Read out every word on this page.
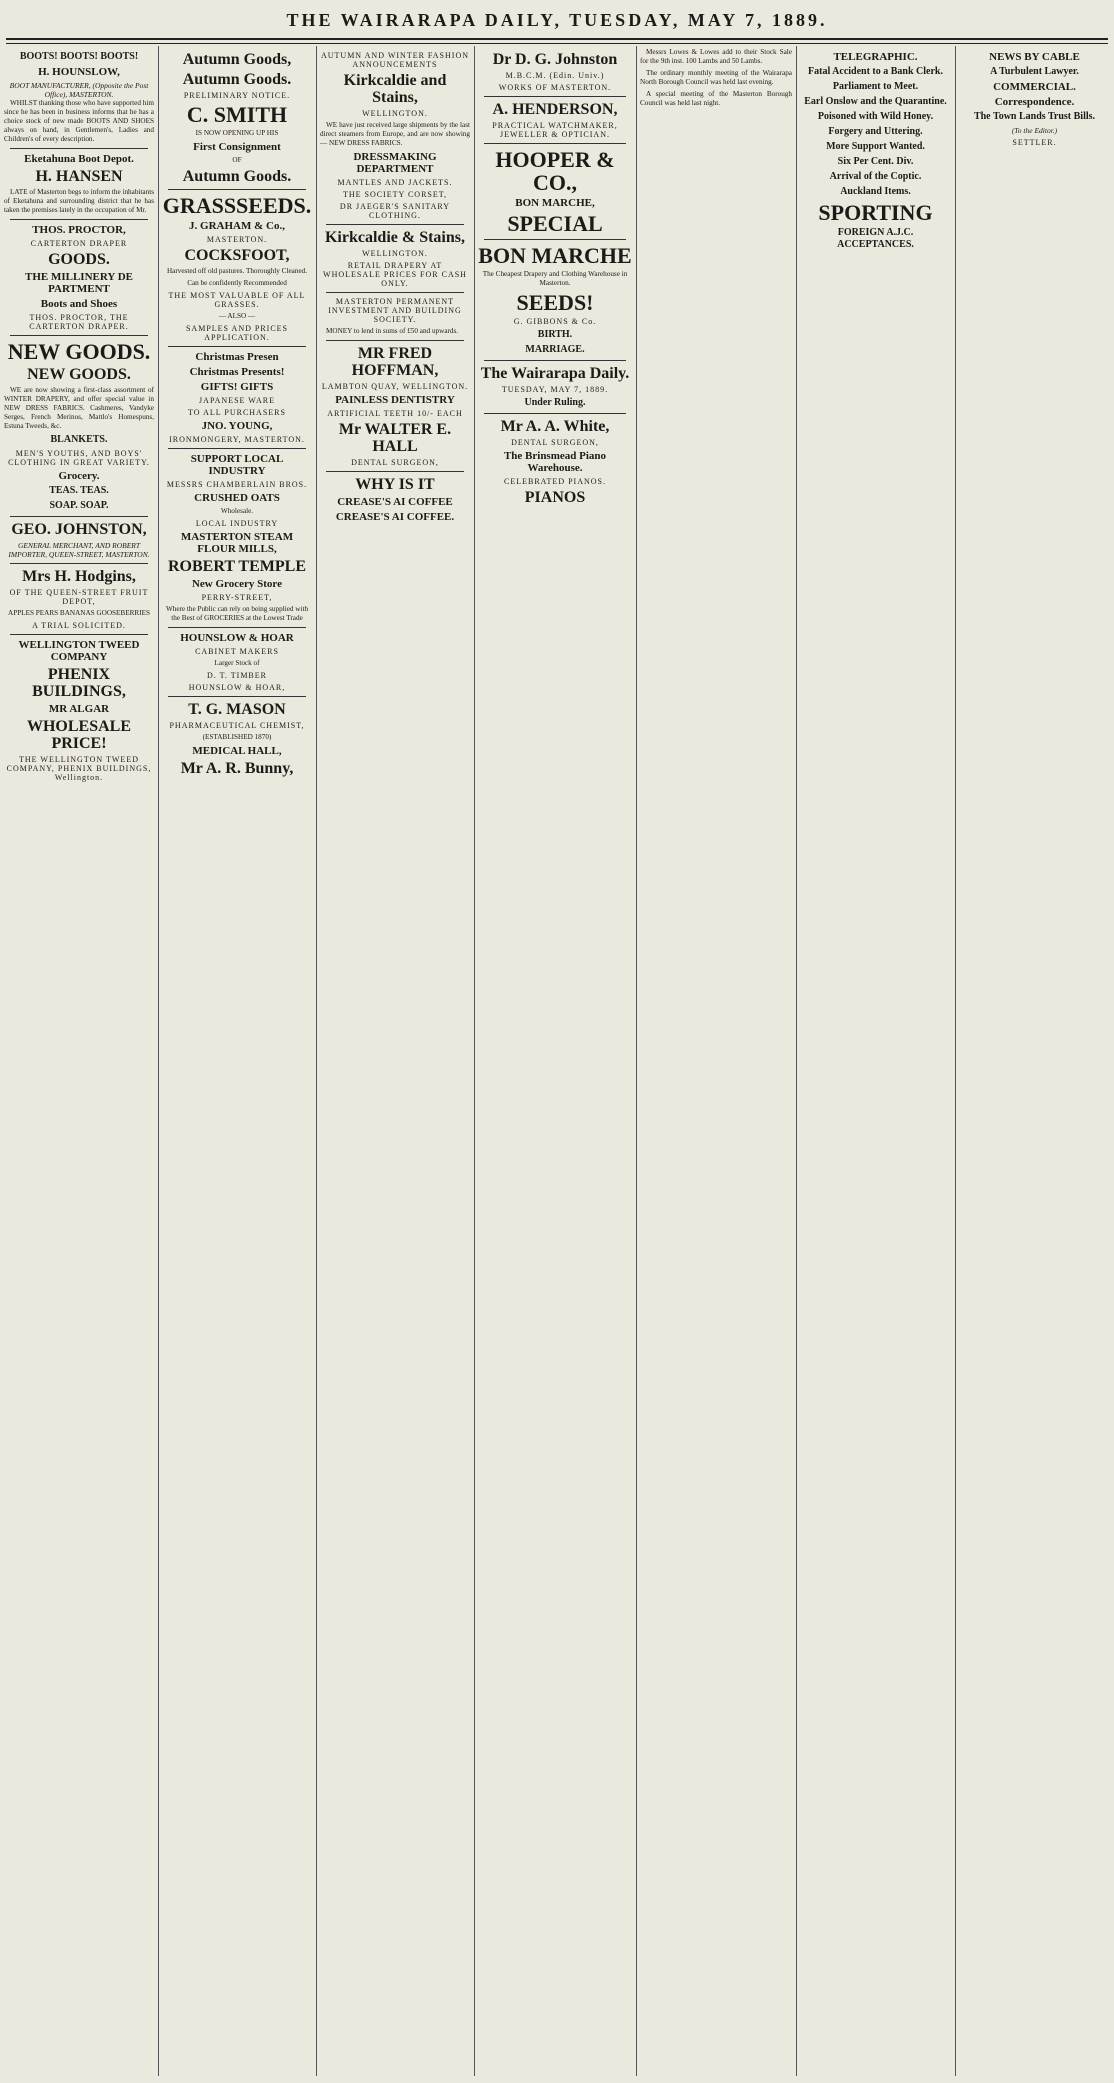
THE WAIRARAPA DAILY, TUESDAY, MAY 7, 1889.
BOOTS! BOOTS! BOOTS!
H. HOUNSLOW,
BOOT MANUFACTURER, (Opposite the Post Office), MASTERTON.

WHILST thanking those who have supported him since he has been in business informs that he has a choice stock of new made BOOTS AND SHOES always on hand, in Gentlemen's, Ladies and Children's of every description.

Eketahuna Boot Depot.
H. HANSEN

LATE of Masterton begs to inform the inhabitants of Eketahuna and surrounding district that he has taken the premises lately in the occupation of Mr.

THOS. PROCTOR,
CARTERTON DRAPER
GOODS.
THE MILLINERY DE PARTMENT
Boots and Shoes
THOS. PROCTOR, THE CARTERTON DRAPER.
NEW GOODS.
NEW GOODS.

WE are now showing a first-class assortment of WINTER DRAPERY, and offer special value in NEW DRESS FABRICS. Cashmeres, Vandyke Serges, French Merinos, Mattlo's Homespuns, Estuna Tweeds, &c.

BLANKETS.
MEN'S YOUTHS, AND BOYS' CLOTHING IN GREAT VARIETY.
Grocery.
TEAS. TEAS.
SOAP. SOAP.
GEO. JOHNSTON,
GENERAL MERCHANT, AND ROBERT IMPORTER, QUEEN-STREET, MASTERTON.
Mrs H. Hodgins,
OF THE QUEEN-STREET FRUIT DEPOT,
APPLES PEARS BANANAS GOOSEBERRIES
A TRIAL SOLICITED.
WELLINGTON TWEED COMPANY
PHENIX BUILDINGS,
MR ALGAR
WHOLESALE PRICE!
THE WELLINGTON TWEED COMPANY, PHENIX BUILDINGS, Wellington.
Autumn Goods,
Autumn Goods.
PRELIMINARY NOTICE.
C. SMITH
IS NOW OPENING UP HIS
First Consignment
OF
Autumn Goods.
GRASSSEEDS.
J. GRAHAM & Co.,
MASTERTON.
COCKSFOOT,
Harvested off old pastures. Thoroughly Cleaned.
Can be confidently Recommended
THE MOST VALUABLE OF ALL GRASSES.
— ALSO —
SAMPLES AND PRICES APPLICATION.
Christmas Presen
Christmas Presents!
GIFTS! GIFTS
JAPANESE WARE
TO ALL PURCHASERS
JNO. YOUNG,
IRONMONGERY, MASTERTON.
SUPPORT LOCAL INDUSTRY
MESSRS CHAMBERLAIN BROS.
CRUSHED OATS
Wholesale.
LOCAL INDUSTRY
MASTERTON STEAM FLOUR MILLS,
ROBERT TEMPLE
New Grocery Store
PERRY-STREET,
Where the Public can rely on being supplied with the Best of GROCERIES at the Lowest Trade
HOUNSLOW & HOAR
CABINET MAKERS
Larger Stock of
D. T. TIMBER
HOUNSLOW & HOAR,
T. G. MASON
PHARMACEUTICAL CHEMIST,
(ESTABLISHED 1870)
MEDICAL HALL,
Mr A. R. Bunny,
AUTUMN AND WINTER FASHION ANNOUNCEMENTS
Kirkcaldie and Stains,
WELLINGTON.

WE have just received large shipments by the last direct steamers from Europe, and are now showing — NEW DRESS FABRICS.

DRESSMAKING DEPARTMENT
MANTLES AND JACKETS.
THE SOCIETY CORSET,
DR JAEGER'S SANITARY CLOTHING.
Kirkcaldie & Stains,
WELLINGTON.
RETAIL DRAPERY AT WHOLESALE PRICES FOR CASH ONLY.
MASTERTON PERMANENT INVESTMENT AND BUILDING SOCIETY.

MONEY to lend in sums of £50 and upwards.

MR FRED HOFFMAN,
LAMBTON QUAY, WELLINGTON.
PAINLESS DENTISTRY
ARTIFICIAL TEETH 10/- EACH
Mr WALTER E. HALL
DENTAL SURGEON,
WHY IS IT
CREASE'S AI COFFEE
CREASE'S AI COFFEE.
Dr D. G. Johnston
M.B.C.M. (Edin. Univ.)
WORKS OF MASTERTON.
A. HENDERSON,
PRACTICAL WATCHMAKER, JEWELLER & OPTICIAN.
HOOPER & CO.,
BON MARCHE,
SPECIAL
BON MARCHE
The Cheapest Drapery and Clothing Warehouse in Masterton.
SEEDS!
G. GIBBONS & Co.
BIRTH.
MARRIAGE.
The Wairarapa Daily.
TUESDAY, MAY 7, 1889.
Under Ruling.
Mr A. A. White,
DENTAL SURGEON,
The Brinsmead Piano Warehouse.
CELEBRATED PIANOS.
PIANOS

Messrs Lowes & Lowes add to their Stock Sale for the 9th inst. 100 Lambs and 50 Lambs.

The ordinary monthly meeting of the Wairarapa North Borough Council was held last evening.

A special meeting of the Masterton Borough Council was held last night.

TELEGRAPHIC.
Fatal Accident to a Bank Clerk.
Parliament to Meet.
Earl Onslow and the Quarantine.
Poisoned with Wild Honey.
Forgery and Uttering.
More Support Wanted.
Six Per Cent. Div.
Arrival of the Coptic.
Auckland Items.
SPORTING
FOREIGN A.J.C. ACCEPTANCES.
NEWS BY CABLE
A Turbulent Lawyer.
COMMERCIAL.
Correspondence.
The Town Lands Trust Bills.
(To the Editor.)
SETTLER.
